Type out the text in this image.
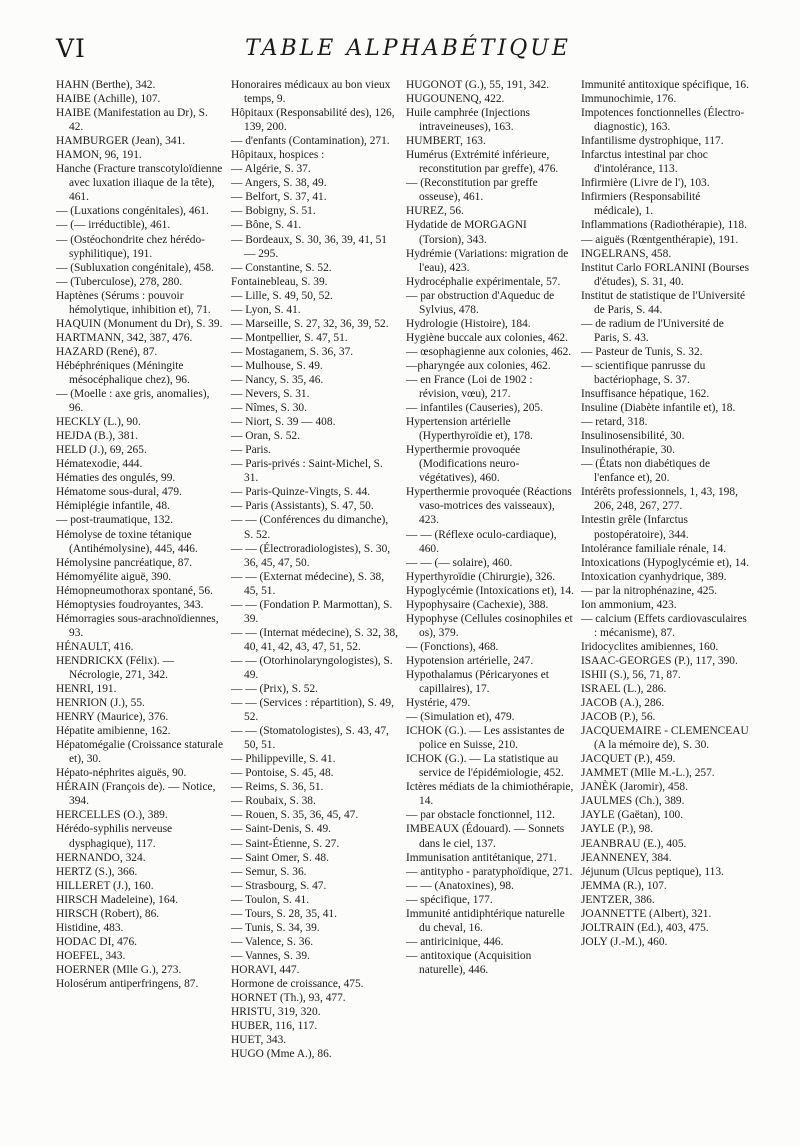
VI	TABLE ALPHABÉTIQUE
HAHN (Berthe), 342.
HAIBE (Achille), 107.
HAIBE (Manifestation au Dr), S. 42.
HAMBURGER (Jean), 341.
HAMON, 96, 191.
Hanche (Fracture transcotyloïdienne avec luxation iliaque de la tête), 461.
— (Luxations congénitales), 461.
— (— irréductible), 461.
— (Ostéochondrite chez hérédo-syphilitique), 191.
— (Subluxation congénitale), 458.
— (Tuberculose), 278, 280.
Haptènes (Sérums : pouvoir hémolytique, inhibition et), 71.
HAQUIN (Monument du Dr), S. 39.
HARTMANN, 342, 387, 476.
HAZARD (René), 87.
Hébéphréniques (Méningite mésocéphalique chez), 96.
— (Moelle : axe gris, anomalies), 96.
HECKLY (L.), 90.
HEJDA (B.), 381.
HELD (J.), 69, 265.
Hématexodie, 444.
Hématies des ongulés, 99.
Hématome sous-dural, 479.
Hémiplégie infantile, 48.
— post-traumatique, 132.
Hémolyse de toxine tétanique (Antihémolysine), 445, 446.
Hémolysine pancréatique, 87.
Hémomyélite aiguë, 390.
Hémopneumothorax spontané, 56.
Hémoptysies foudroyantes, 343.
Hémorragies sous-arachnoïdiennes, 93.
HÉNAULT, 416.
HENDRICKX (Félix). — Nécrologie, 271, 342.
HENRI, 191.
HENRION (J.), 55.
HENRY (Maurice), 376.
Hépatite amibienne, 162.
Hépatomégalie (Croissance staturale et), 30.
Hépato-néphrites aiguës, 90.
HÉRAIN (François de). — Notice, 394.
HERCELLES (O.), 389.
Hérédo-syphilis nerveuse dysphagique), 117.
HERNANDO, 324.
HERTZ (S.), 366.
HILLERET (J.), 160.
HIRSCH Madeleine), 164.
HIRSCH (Robert), 86.
Histidine, 483.
HODAC DI, 476.
HOEFEL, 343.
HOERNER (Mlle G.), 273.
Holosérum antiperfringens, 87.
Honoraires médicaux au bon vieux temps, 9.
Hôpitaux (Responsabilité des), 126, 139, 200.
— d'enfants (Contamination), 271.
Hôpitaux, hospices :
— Algérie, S. 37.
— Angers, S. 38, 49.
— Belfort, S. 37, 41.
— Bobigny, S. 51.
— Bône, S. 41.
— Bordeaux, S. 30, 36, 39, 41, 51 — 295.
— Constantine, S. 52.
Fontainebleau, S. 39.
— Lille, S. 49, 50, 52.
— Lyon, S. 41.
— Marseille, S. 27, 32, 36, 39, 52.
— Montpellier, S. 47, 51.
— Mostaganem, S. 36, 37.
— Mulhouse, S. 49.
— Nancy, S. 35, 46.
— Nevers, S. 31.
— Nîmes, S. 30.
— Niort, S. 39 — 408.
— Oran, S. 52.
— Paris.
— Paris-privés : Saint-Michel, S. 31.
— Paris-Quinze-Vingts, S. 44.
— Paris (Assistants), S. 47, 50.
— — (Conférences du dimanche), S. 52.
— — (Électroradiologistes), S. 30, 36, 45, 47, 50.
— — (Externat médecine), S. 38, 45, 51.
— — (Fondation P. Marmottan), S. 39.
— — (Internat médecine), S. 32, 38, 40, 41, 42, 43, 47, 51, 52.
— — (Otorhinolaryngologistes), S. 49.
— — (Prix), S. 52.
— — (Services : répartition), S. 49, 52.
— — (Stomatologistes), S. 43, 47, 50, 51.
— Philippeville, S. 41.
— Pontoise, S. 45, 48.
— Reims, S. 36, 51.
— Roubaix, S. 38.
— Rouen, S. 35, 36, 45, 47.
— Saint-Denis, S. 49.
— Saint-Étienne, S. 27.
— Saint Omer, S. 48.
— Semur, S. 36.
— Strasbourg, S. 47.
— Toulon, S. 41.
— Tours, S. 28, 35, 41.
— Tunis, S. 34, 39.
— Valence, S. 36.
— Vannes, S. 39.
HORAVI, 447.
Hormone de croissance, 475.
HORNET (Th.), 93, 477.
HRISTU, 319, 320.
HUBER, 116, 117.
HUET, 343.
HUGO (Mme A.), 86.
HUGONOT (G.), 55, 191, 342.
HUGOUNENQ, 422.
Huile camphrée (Injections intraveineuses), 163.
HUMBERT, 163.
Humérus (Extrémité inférieure, reconstitution par greffe), 476.
— (Reconstitution par greffe osseuse), 461.
HUREZ, 56.
Hydatide de MORGAGNI (Torsion), 343.
Hydrémie (Variations: migration de l'eau), 423.
Hydrocéphalie expérimentale, 57.
— par obstruction d'Aqueduc de Sylvius, 478.
Hydrologie (Histoire), 184.
Hygiène buccale aux colonies, 462.
— œsophagienne aux colonies, 462.
—pharyngée aux colonies, 462.
— en France (Loi de 1902 : révision, vœu), 217.
— infantiles (Causeries), 205.
Hypertension artérielle (Hyperthyroïdie et), 178.
Hyperthermie provoquée (Modifications neuro-végétatives), 460.
Hyperthermie provoquée (Réactions vaso-motrices des vaisseaux), 423.
— — (Réflexe oculo-cardiaque), 460.
— — (— solaire), 460.
Hyperthyroïdie (Chirurgie), 326.
Hypoglycémie (Intoxications et), 14.
Hypophysaire (Cachexie), 388.
Hypophyse (Cellules cosinophiles et os), 379.
— (Fonctions), 468.
Hypotension artérielle, 247.
Hypothalamus (Péricaryones et capillaires), 17.
Hystérie, 479.
— (Simulation et), 479.
ICHOK (G.). — Les assistantes de police en Suisse, 210.
ICHOK (G.). — La statistique au service de l'épidémiologie, 452.
Ictères médiats de la chimiothérapie, 14.
— par obstacle fonctionnel, 112.
IMBEAUX (Édouard). — Sonnets dans le ciel, 137.
Immunisation antitétanique, 271.
— antitypho - paratyphoïdique, 271.
— — (Anatoxines), 98.
— spécifique, 177.
Immunité antidiphtérique naturelle du cheval, 16.
— antiricinique, 446.
— antitoxique (Acquisition naturelle), 446.
Immunité antitoxique spécifique, 16.
Immunochimie, 176.
Impotences fonctionnelles (Électro-diagnostic), 163.
Infantilisme dystrophique, 117.
Infarctus intestinal par choc d'intolérance, 113.
Infirmière (Livre de l'), 103.
Infirmiers (Responsabilité médicale), 1.
Inflammations (Radiothérapie), 118.
— aiguës (Rœntgenthérapie), 191.
INGELRANS, 458.
Institut Carlo FORLANINI (Bourses d'études), S. 31, 40.
Institut de statistique de l'Université de Paris, S. 44.
— de radium de l'Université de Paris, S. 43.
— Pasteur de Tunis, S. 32.
— scientifique panrusse du bactériophage, S. 37.
Insuffisance hépatique, 162.
Insuline (Diabète infantile et), 18.
— retard, 318.
Insulinosensibilité, 30.
Insulinothérapie, 30.
— (États non diabétiques de l'enfance et), 20.
Intérêts professionnels, 1, 43, 198, 206, 248, 267, 277.
Intestin grêle (Infarctus postopératoire), 344.
Intolérance familiale rénale, 14.
Intoxications (Hypoglycémie et), 14.
Intoxication cyanhydrique, 389.
— par la nitrophénazine, 425.
Ion ammonium, 423.
— calcium (Effets cardiovasculaires : mécanisme), 87.
Iridocyclites amibiennes, 160.
ISAAC-GEORGES (P.), 117, 390.
ISHII (S.), 56, 71, 87.
ISRAEL (L.), 286.
JACOB (A.), 286.
JACOB (P.), 56.
JACQUEMAIRE - CLEMENCEAU (A la mémoire de), S. 30.
JACQUET (P.), 459.
JAMMET (Mlle M.-L.), 257.
JANÈK (Jaromir), 458.
JAULMES (Ch.), 389.
JAYLE (Gaëtan), 100.
JAYLE (P.), 98.
JEANBRAU (E.), 405.
JEANNENEY, 384.
Jéjunum (Ulcus peptique), 113.
JEMMA (R.), 107.
JENTZER, 386.
JOANNETTE (Albert), 321.
JOLTRAIN (Ed.), 403, 475.
JOLY (J.-M.), 460.
